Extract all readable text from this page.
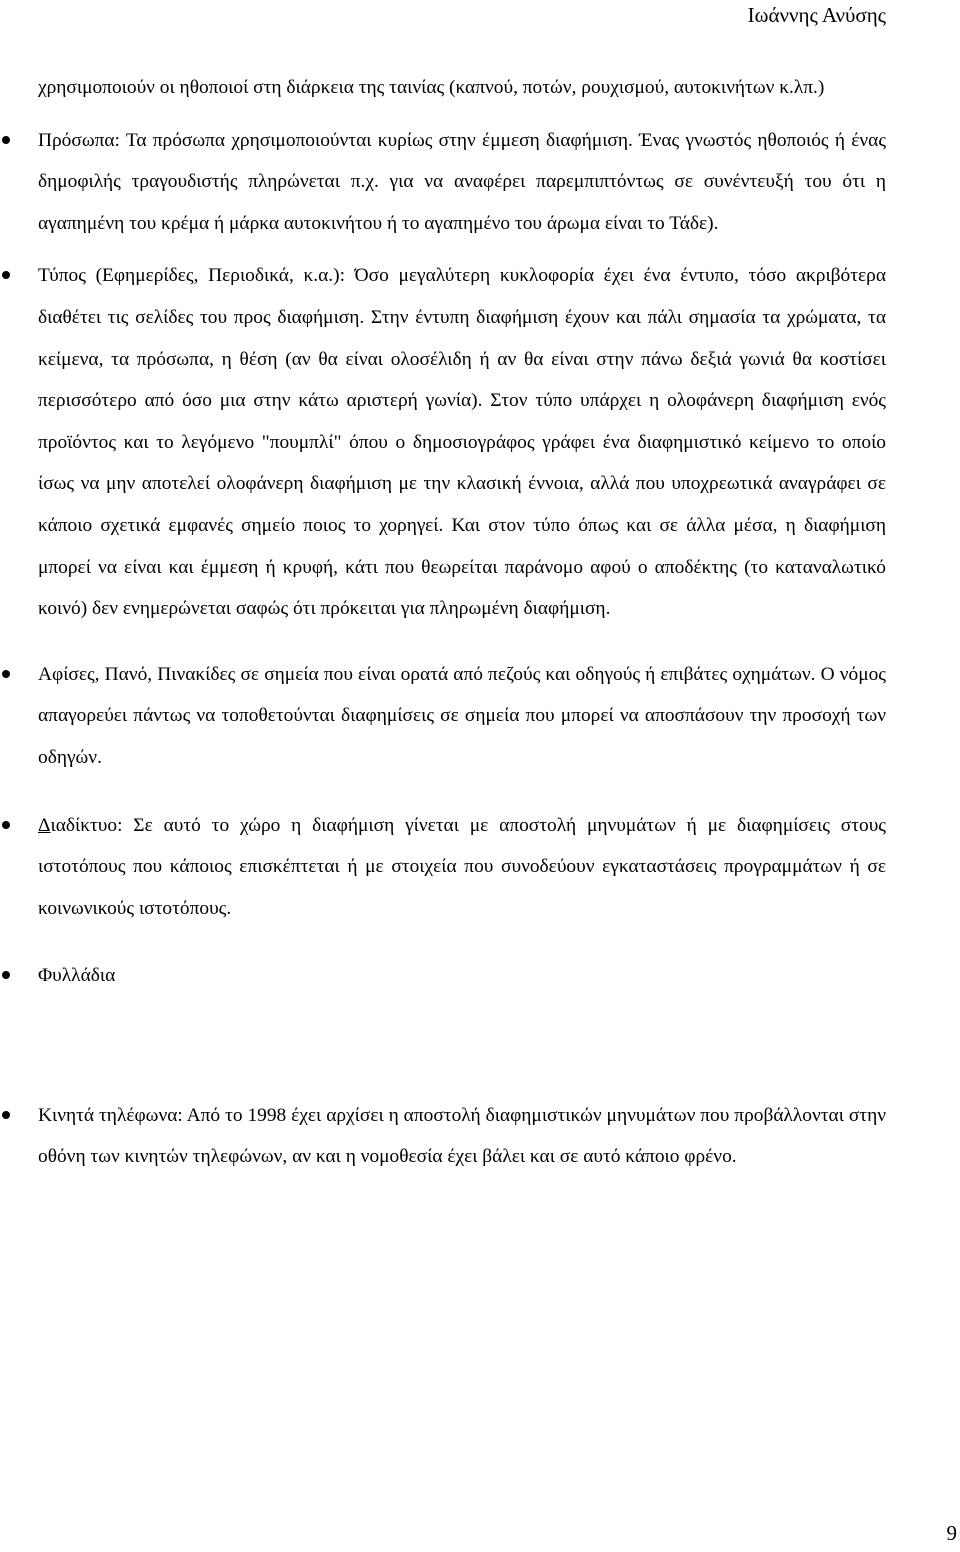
Ιωάννης Ανύσης

χρησιμοποιούν οι ηθοποιοί στη διάρκεια της ταινίας (καπνού, ποτών, ρουχισμού, αυτοκινήτων κ.λπ.)

Πρόσωπα: Τα πρόσωπα χρησιμοποιούνται κυρίως στην έμμεση διαφήμιση. Ένας γνωστός ηθοποιός ή ένας δημοφιλής τραγουδιστής πληρώνεται π.χ. για να αναφέρει παρεμπιπτόντως σε συνέντευξή του ότι η αγαπημένη του κρέμα ή μάρκα αυτοκινήτου ή το αγαπημένο του άρωμα είναι το Τάδε).
Τύπος (Εφημερίδες, Περιοδικά, κ.α.): Όσο μεγαλύτερη κυκλοφορία έχει ένα έντυπο, τόσο ακριβότερα διαθέτει τις σελίδες του προς διαφήμιση. Στην έντυπη διαφήμιση έχουν και πάλι σημασία τα χρώματα, τα κείμενα, τα πρόσωπα, η θέση (αν θα είναι ολοσέλιδη ή αν θα είναι στην πάνω δεξιά γωνιά θα κοστίσει περισσότερο από όσο μια στην κάτω αριστερή γωνία). Στον τύπο υπάρχει η ολοφάνερη διαφήμιση ενός προϊόντος και το λεγόμενο "πουμπλί" όπου ο δημοσιογράφος γράφει ένα διαφημιστικό κείμενο το οποίο ίσως να μην αποτελεί ολοφάνερη διαφήμιση με την κλασική έννοια, αλλά που υποχρεωτικά αναγράφει σε κάποιο σχετικά εμφανές σημείο ποιος το χορηγεί. Και στον τύπο όπως και σε άλλα μέσα, η διαφήμιση μπορεί να είναι και έμμεση ή κρυφή, κάτι που θεωρείται παράνομο αφού ο αποδέκτης (το καταναλωτικό κοινό) δεν ενημερώνεται σαφώς ότι πρόκειται για πληρωμένη διαφήμιση.
Αφίσες, Πανό, Πινακίδες σε σημεία που είναι ορατά από πεζούς και οδηγούς ή επιβάτες οχημάτων. Ο νόμος απαγορεύει πάντως να τοποθετούνται διαφημίσεις σε σημεία που μπορεί να αποσπάσουν την προσοχή των οδηγών.
Διαδίκτυο: Σε αυτό το χώρο η διαφήμιση γίνεται με αποστολή μηνυμάτων ή με διαφημίσεις στους ιστοτόπους που κάποιος επισκέπτεται ή με στοιχεία που συνοδεύουν εγκαταστάσεις προγραμμάτων ή σε κοινωνικούς ιστοτόπους.
Φυλλάδια
Κινητά τηλέφωνα: Από το 1998 έχει αρχίσει η αποστολή διαφημιστικών μηνυμάτων που προβάλλονται στην οθόνη των κινητών τηλεφώνων, αν και η νομοθεσία έχει βάλει και σε αυτό κάποιο φρένο.
9
